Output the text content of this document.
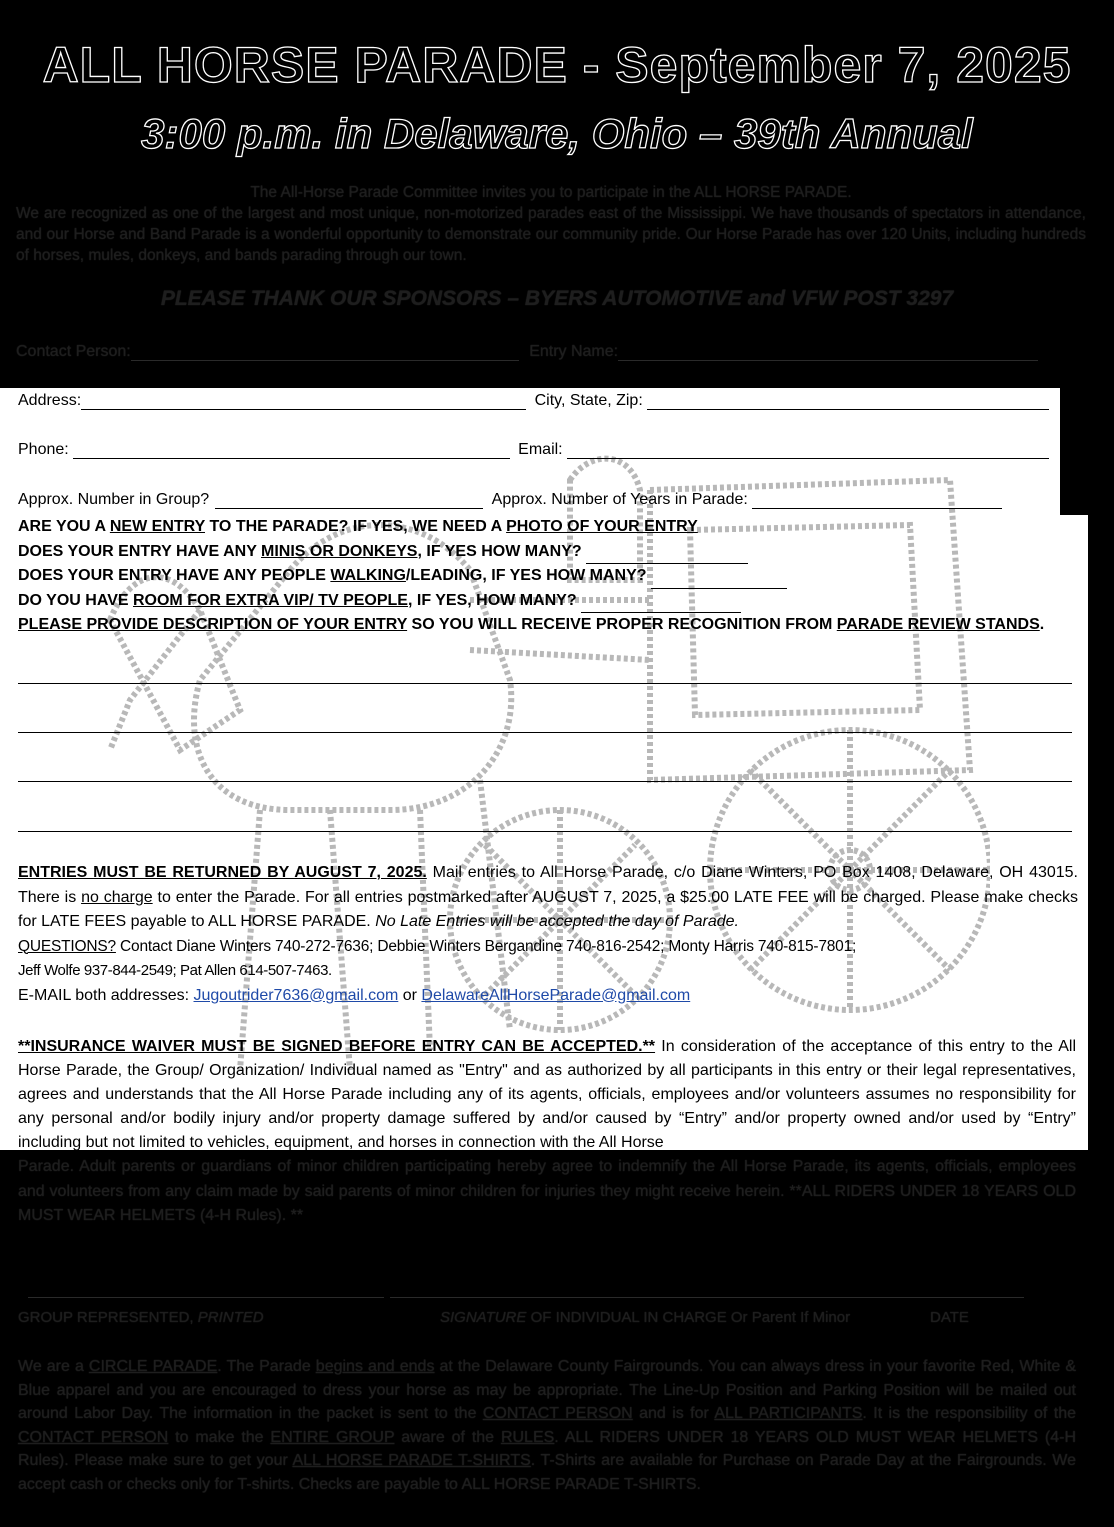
ALL HORSE PARADE - September 7, 2025
3:00 p.m. in Delaware, Ohio – 39th Annual

The All-Horse Parade Committee invites you to participate in the ALL HORSE PARADE.

We are recognized as one of the largest and most unique, non-motorized parades east of the Mississippi. We have thousands of spectators in attendance, and our Horse and Band Parade is a wonderful opportunity to demonstrate our community pride. Our Horse Parade has over 120 Units, including hundreds of horses, mules, donkeys, and bands parading through our town.

PLEASE THANK OUR SPONSORS – BYERS AUTOMOTIVE and VFW POST 3297
Contact Person:	Entry Name:
Address:	City, State, Zip:
Phone:	Email:
Approx. Number in Group?	Approx. Number of Years in Parade:
ARE YOU A NEW ENTRY TO THE PARADE? IF YES, WE NEED A PHOTO OF YOUR ENTRY
DOES YOUR ENTRY HAVE ANY MINIS OR DONKEYS, IF YES HOW MANY?
DOES YOUR ENTRY HAVE ANY PEOPLE WALKING/LEADING, IF YES HOW MANY?
DO YOU HAVE ROOM FOR EXTRA VIP/ TV PEOPLE, IF YES, HOW MANY?
PLEASE PROVIDE DESCRIPTION OF YOUR ENTRY SO YOU WILL RECEIVE PROPER RECOGNITION FROM PARADE REVIEW STANDS.

ENTRIES MUST BE RETURNED BY AUGUST 7, 2025. Mail entries to All Horse Parade, c/o Diane Winters, PO Box 1408, Delaware, OH 43015. There is no charge to enter the Parade. For all entries postmarked after AUGUST 7, 2025, a $25.00 LATE FEE will be charged. Please make checks for LATE FEES payable to ALL HORSE PARADE. No Late Entries will be accepted the day of Parade.

QUESTIONS? Contact Diane Winters 740-272-7636; Debbie Winters Bergandine 740-816-2542; Monty Harris 740-815-7801;

Jeff Wolfe 937-844-2549; Pat Allen 614-507-7463.

E-MAIL both addresses: Jugoutrider7636@gmail.com or DelawareAllHorseParade@gmail.com

**INSURANCE WAIVER MUST BE SIGNED BEFORE ENTRY CAN BE ACCEPTED.** In consideration of the acceptance of this entry to the All Horse Parade, the Group/ Organization/ Individual named as "Entry" and as authorized by all participants in this entry or their legal representatives, agrees and understands that the All Horse Parade including any of its agents, officials, employees and/or volunteers assumes no responsibility for any personal and/or bodily injury and/or property damage suffered by and/or caused by “Entry” and/or property owned and/or used by “Entry” including but not limited to vehicles, equipment, and horses in connection with the All Horse
Parade. Adult parents or guardians of minor children participating hereby agree to indemnify the All Horse Parade, its agents, officials, employees and volunteers from any claim made by said parents of minor children for injuries they might receive herein. **ALL RIDERS UNDER 18 YEARS OLD MUST WEAR HELMETS (4-H Rules). **
GROUP REPRESENTED, PRINTED	SIGNATURE OF INDIVIDUAL IN CHARGE Or Parent If Minor	DATE
We are a CIRCLE PARADE. The Parade begins and ends at the Delaware County Fairgrounds. You can always dress in your favorite Red, White & Blue apparel and you are encouraged to dress your horse as may be appropriate. The Line-Up Position and Parking Position will be mailed out around Labor Day. The information in the packet is sent to the CONTACT PERSON and is for ALL PARTICIPANTS. It is the responsibility of the CONTACT PERSON to make the ENTIRE GROUP aware of the RULES. ALL RIDERS UNDER 18 YEARS OLD MUST WEAR HELMETS (4-H Rules). Please make sure to get your ALL HORSE PARADE T-SHIRTS. T-Shirts are available for Purchase on Parade Day at the Fairgrounds. We accept cash or checks only for T-shirts. Checks are payable to ALL HORSE PARADE T-SHIRTS.
